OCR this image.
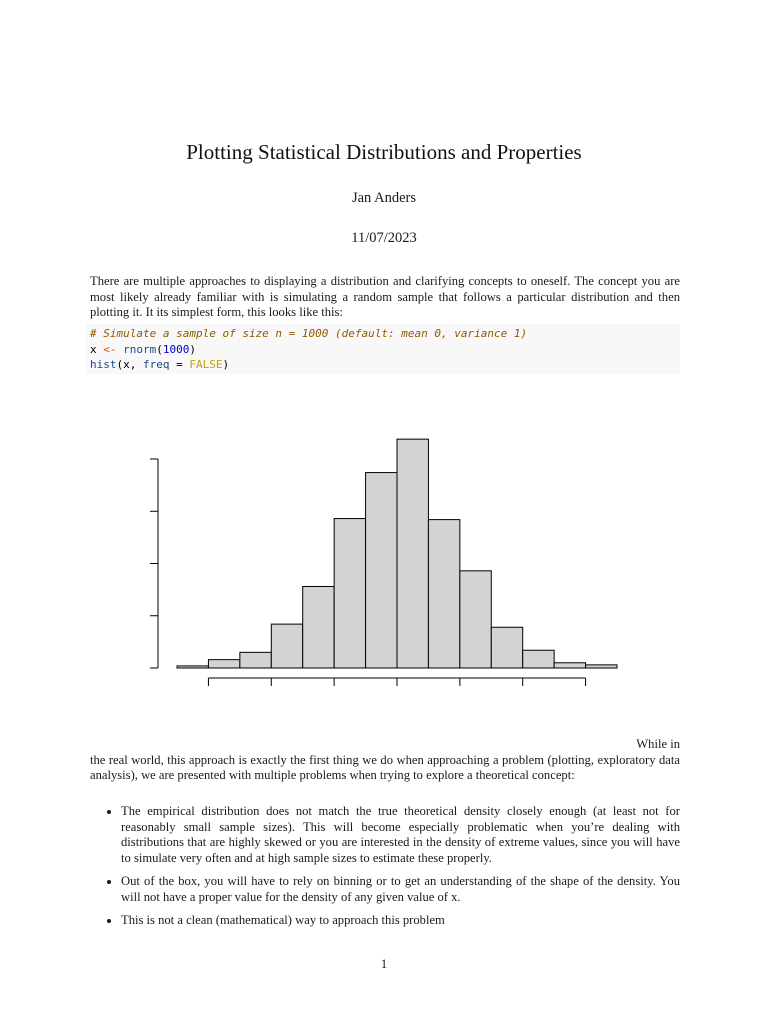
Plotting Statistical Distributions and Properties
Jan Anders
11/07/2023

There are multiple approaches to displaying a distribution and clarifying concepts to oneself. The concept you are most likely already familiar with is simulating a random sample that follows a particular distribution and then plotting it. It its simplest form, this looks like this:

# Simulate a sample of size n = 1000 (default: mean 0, variance 1)
x <- rnorm(1000)
hist(x, freq = FALSE)

While in
the real world, this approach is exactly the first thing we do when approaching a problem (plotting, exploratory data analysis), we are presented with multiple problems when trying to explore a theoretical concept:

• The empirical distribution does not match the true theoretical density closely enough (at least not for reasonably small sample sizes). This will become especially problematic when you’re dealing with distributions that are highly skewed or you are interested in the density of extreme values, since you will have to simulate very often and at high sample sizes to estimate these properly.
• Out of the box, you will have to rely on binning or to get an understanding of the shape of the density. You will not have a proper value for the density of any given value of x.
• This is not a clean (mathematical) way to approach this problem
1
